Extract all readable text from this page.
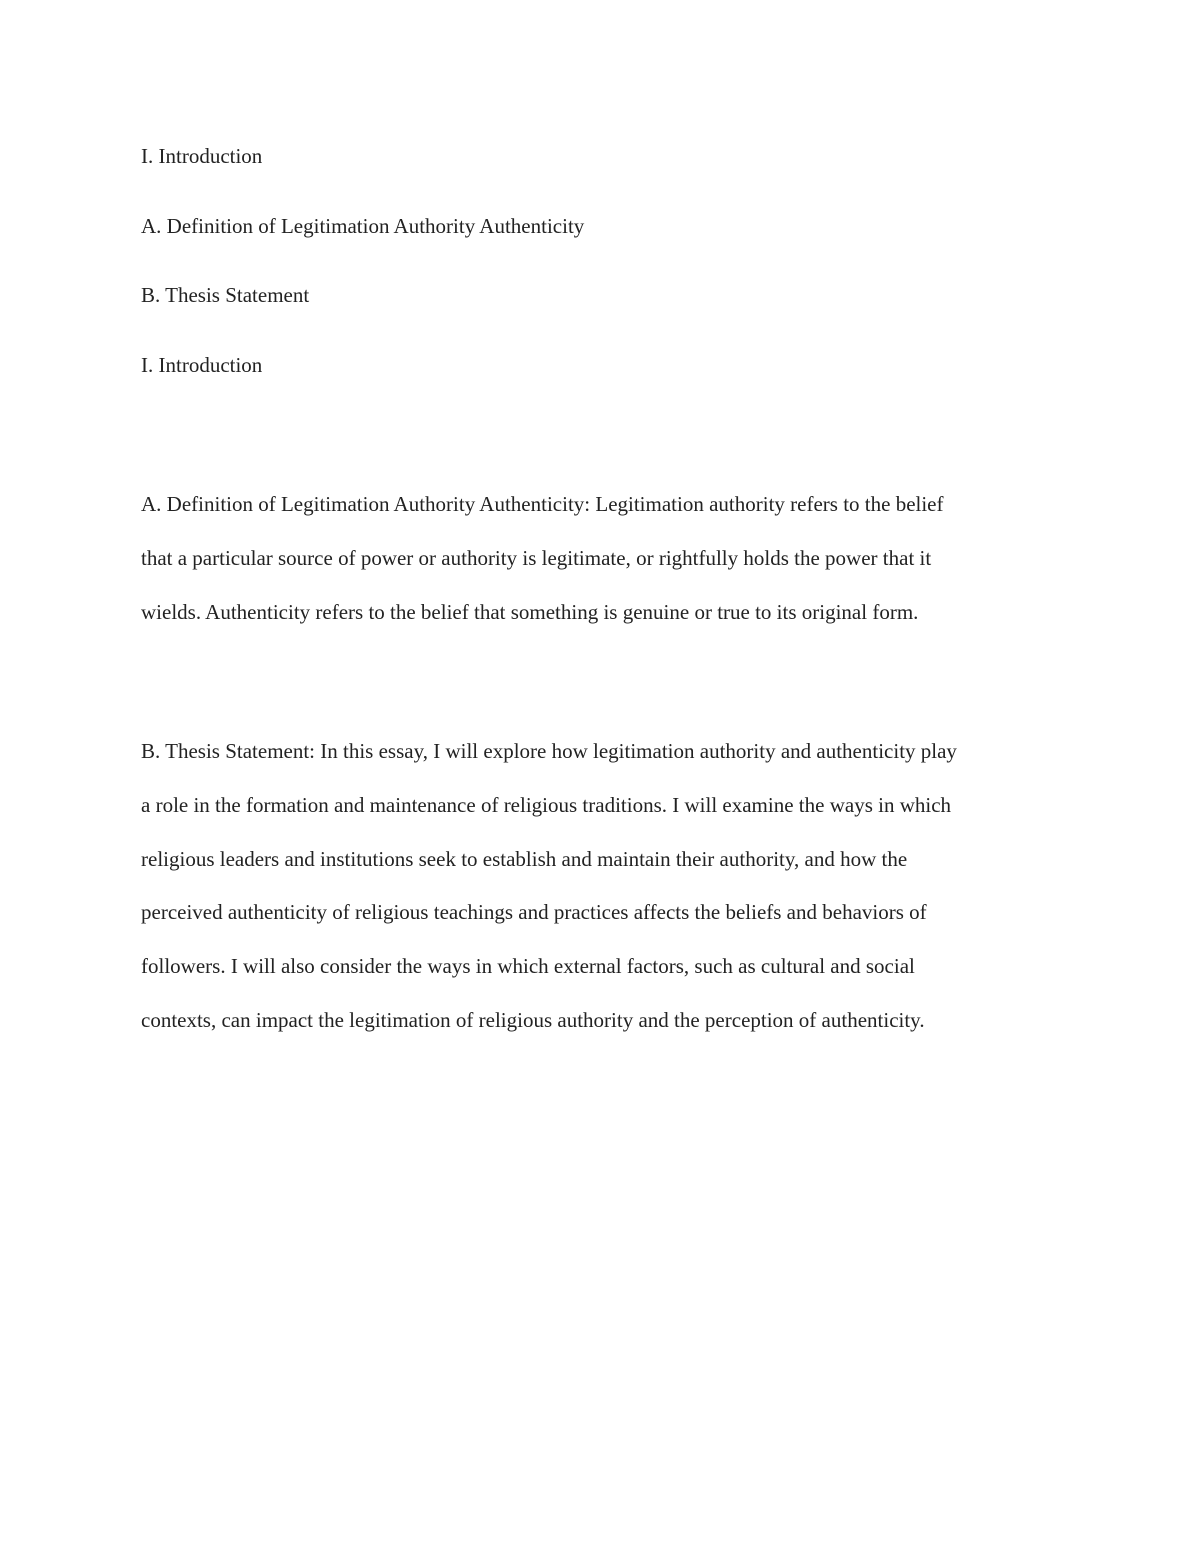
I. Introduction

A. Definition of Legitimation Authority Authenticity

B. Thesis Statement

I. Introduction

A. Definition of Legitimation Authority Authenticity: Legitimation authority refers to the belief
that a particular source of power or authority is legitimate, or rightfully holds the power that it
wields. Authenticity refers to the belief that something is genuine or true to its original form.
B. Thesis Statement: In this essay, I will explore how legitimation authority and authenticity play
a role in the formation and maintenance of religious traditions. I will examine the ways in which
religious leaders and institutions seek to establish and maintain their authority, and how the
perceived authenticity of religious teachings and practices affects the beliefs and behaviors of
followers. I will also consider the ways in which external factors, such as cultural and social
contexts, can impact the legitimation of religious authority and the perception of authenticity.
